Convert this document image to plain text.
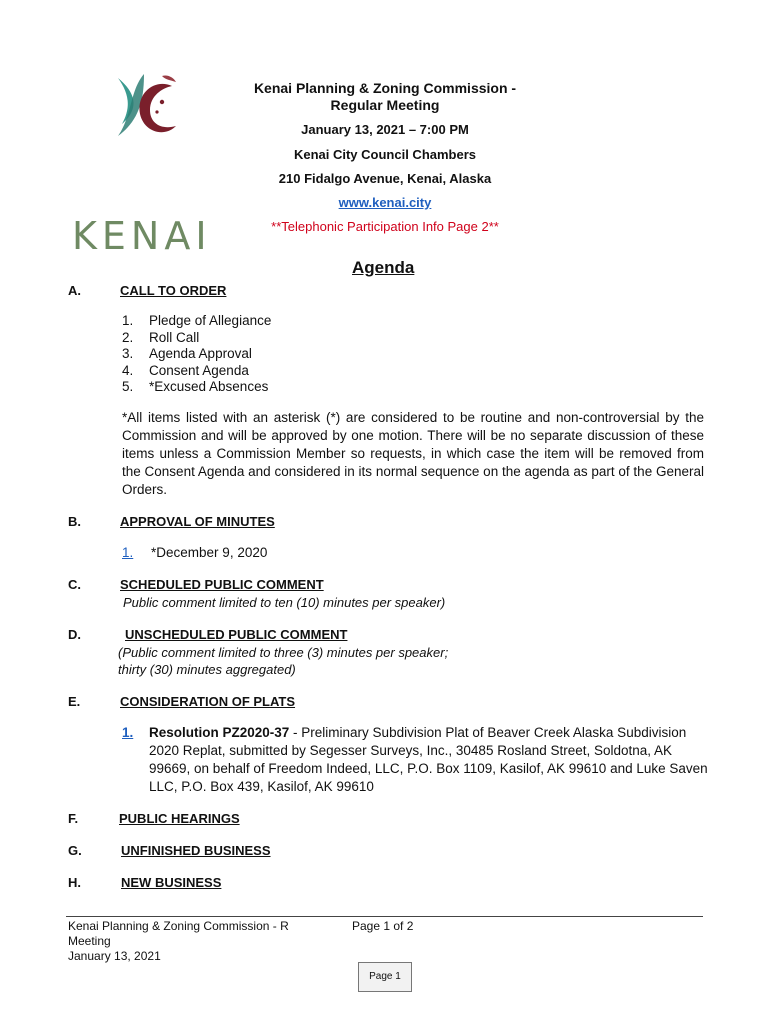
KENAI
Kenai Planning & Zoning Commission -
Regular Meeting
January 13, 2021 – 7:00 PM
Kenai City Council Chambers
210 Fidalgo Avenue, Kenai, Alaska
www.kenai.city
**Telephonic Participation Info Page 2**
Agenda
A.	CALL TO ORDER
1.	Pledge of Allegiance
2.	Roll Call
3.	Agenda Approval
4.	Consent Agenda
5.	*Excused Absences
*All items listed with an asterisk (*) are considered to be routine and non-controversial by the Commission and will be approved by one motion. There will be no separate discussion of these items unless a Commission Member so requests, in which case the item will be removed from the Consent Agenda and considered in its normal sequence on the agenda as part of the General Orders.
B.	APPROVAL OF MINUTES
1. *December 9, 2020
C.	SCHEDULED PUBLIC COMMENT
Public comment limited to ten (10) minutes per speaker)
D.	UNSCHEDULED PUBLIC COMMENT
(Public comment limited to three (3) minutes per speaker;
thirty (30) minutes aggregated)
E.	CONSIDERATION OF PLATS
1. Resolution PZ2020-37 - Preliminary Subdivision Plat of Beaver Creek Alaska Subdivision 2020 Replat, submitted by Segesser Surveys, Inc., 30485 Rosland Street, Soldotna, AK 99669, on behalf of Freedom Indeed, LLC, P.O. Box 1109, Kasilof, AK 99610 and Luke Saven LLC, P.O. Box 439, Kasilof, AK 99610
F.	PUBLIC HEARINGS
G.	UNFINISHED BUSINESS
H.	NEW BUSINESS
Kenai Planning & Zoning Commission - R
Meeting
January 13, 2021
Page 1 of 2
Page 1
